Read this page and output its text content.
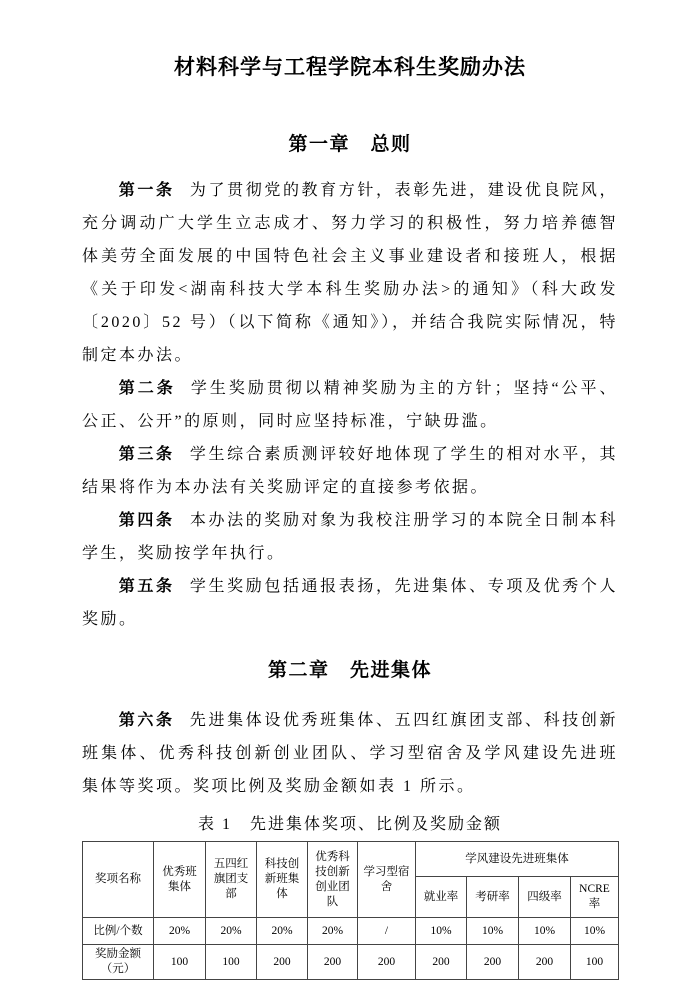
材料科学与工程学院本科生奖励办法
第一章　总则

第一条 为了贯彻党的教育方针，表彰先进，建设优良院风，充分调动广大学生立志成才、努力学习的积极性，努力培养德智体美劳全面发展的中国特色社会主义事业建设者和接班人，根据《关于印发<湖南科技大学本科生奖励办法>的通知》（科大政发〔2020〕52 号）（以下简称《通知》），并结合我院实际情况，特制定本办法。

第二条 学生奖励贯彻以精神奖励为主的方针；坚持“公平、公正、公开”的原则，同时应坚持标准，宁缺毋滥。

第三条 学生综合素质测评较好地体现了学生的相对水平，其结果将作为本办法有关奖励评定的直接参考依据。

第四条 本办法的奖励对象为我校注册学习的本院全日制本科学生，奖励按学年执行。

第五条 学生奖励包括通报表扬，先进集体、专项及优秀个人奖励。

第二章　先进集体

第六条 先进集体设优秀班集体、五四红旗团支部、科技创新班集体、优秀科技创新创业团队、学习型宿舍及学风建设先进班集体等奖项。奖项比例及奖励金额如表 1 所示。

表 1　先进集体奖项、比例及奖励金额

奖项名称	优秀班集体	五四红旗团支部	科技创新班集体	优秀科技创新创业团队	学习型宿舍	学风建设先进班集体			
						就业率	考研率	四级率	NCRE率
比例/个数	20%	20%	20%	20%	/	10%	10%	10%	10%
奖励金额（元）	100	100	200	200	200	200	200	200	100
